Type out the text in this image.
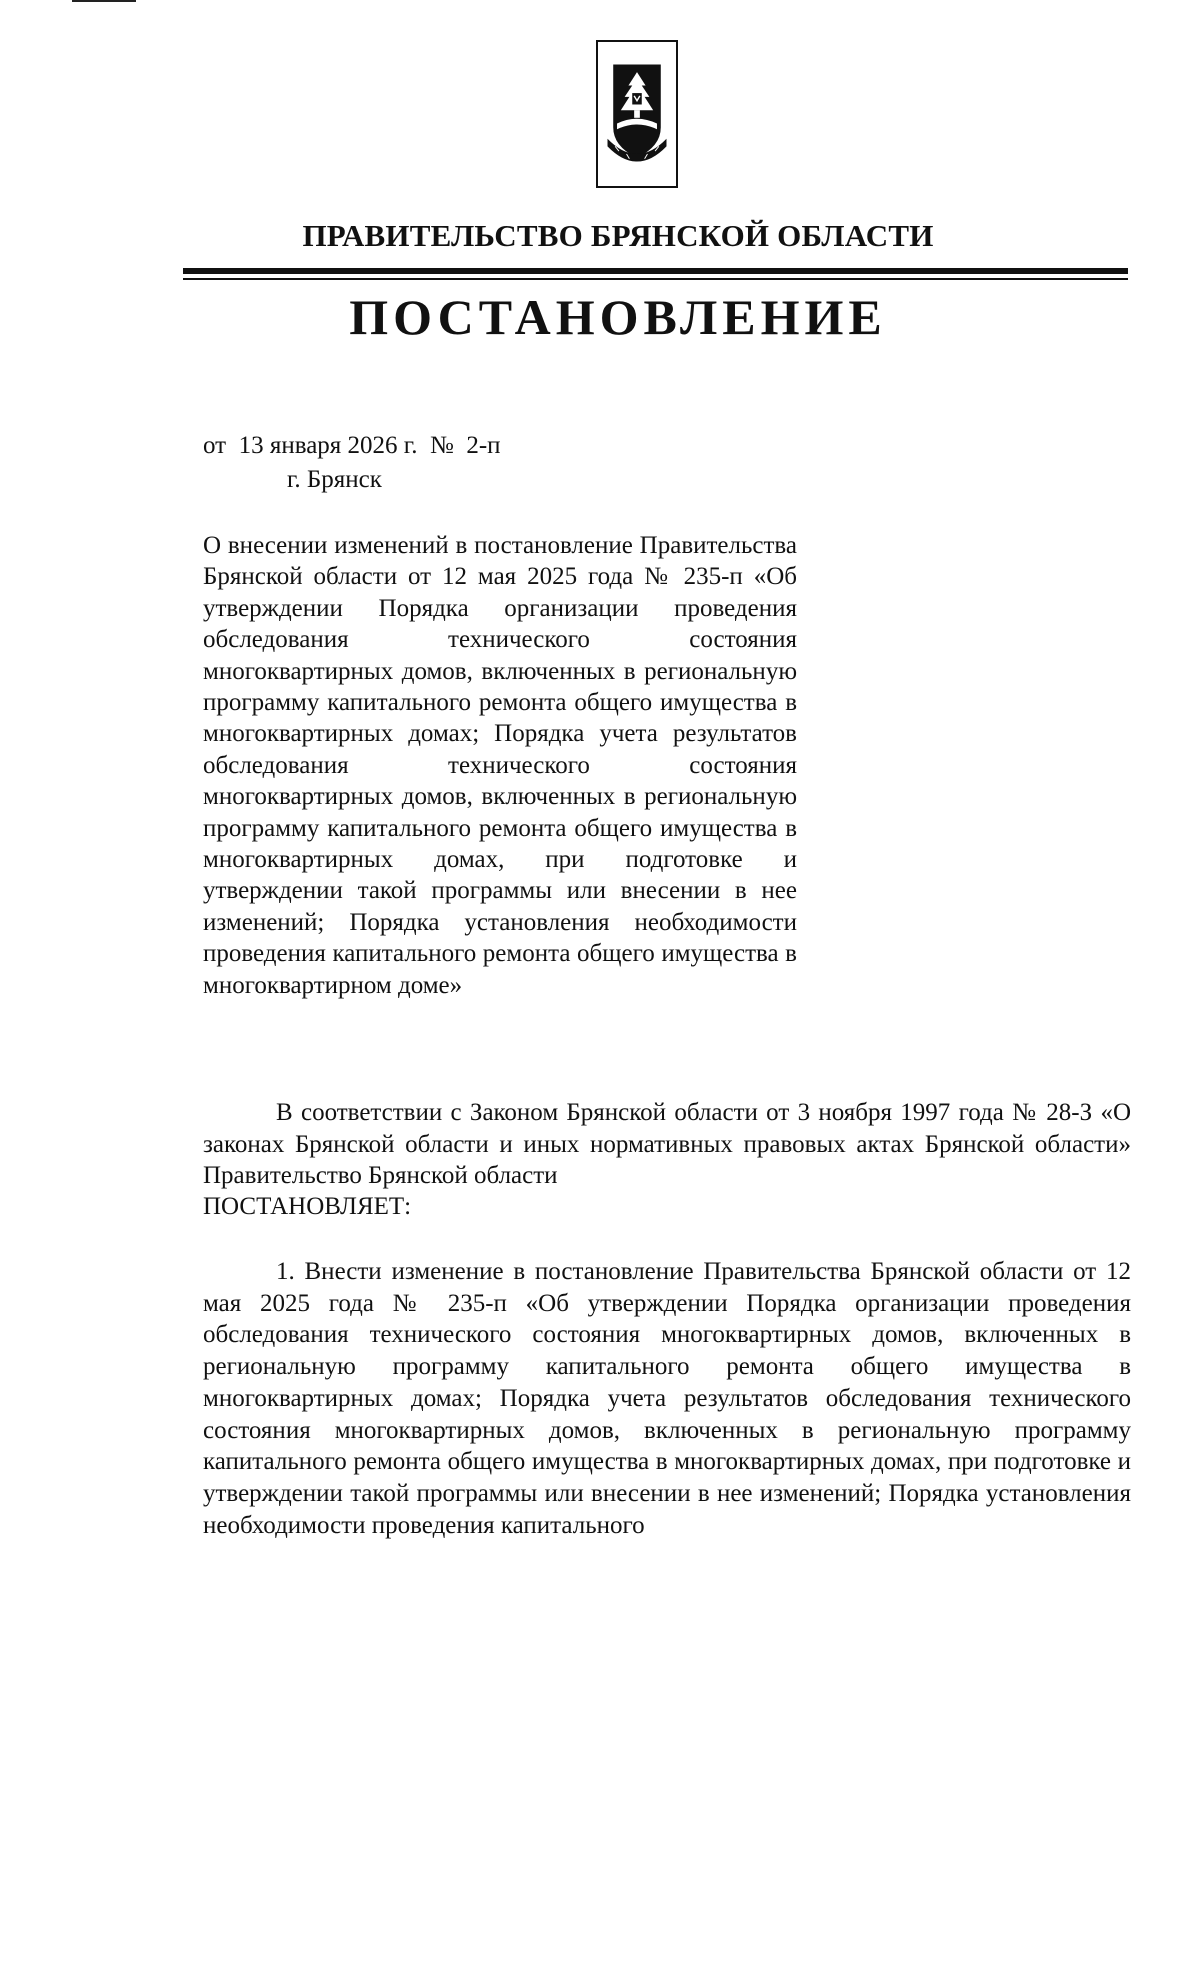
ПРАВИТЕЛЬСТВО БРЯНСКОЙ ОБЛАСТИ
ПОСТАНОВЛЕНИЕ
от 13 января 2026 г. № 2-п
г. Брянск
О внесении изменений в постановление Правительства Брянской области от 12 мая 2025 года № 235-п «Об утверждении Порядка организации проведения обследования технического состояния многоквартирных домов, включенных в региональную программу капитального ремонта общего имущества в многоквартирных домах; Порядка учета результатов обследования технического состояния многоквартирных домов, включенных в региональную программу капитального ремонта общего имущества в многоквартирных домах, при подготовке и утверждении такой программы или внесении в нее изменений; Порядка установления необходимости проведения капитального ремонта общего имущества в многоквартирном доме»
В соответствии с Законом Брянской области от 3 ноября 1997 года № 28-З «О законах Брянской области и иных нормативных правовых актах Брянской области» Правительство Брянской области
ПОСТАНОВЛЯЕТ:
1. Внести изменение в постановление Правительства Брянской области от 12 мая 2025 года № 235-п «Об утверждении Порядка организации проведения обследования технического состояния многоквартирных домов, включенных в региональную программу капитального ремонта общего имущества в многоквартирных домах; Порядка учета результатов обследования технического состояния многоквартирных домов, включенных в региональную программу капитального ремонта общего имущества в многоквартирных домах, при подготовке и утверждении такой программы или внесении в нее изменений; Порядка установления необходимости проведения капитального
